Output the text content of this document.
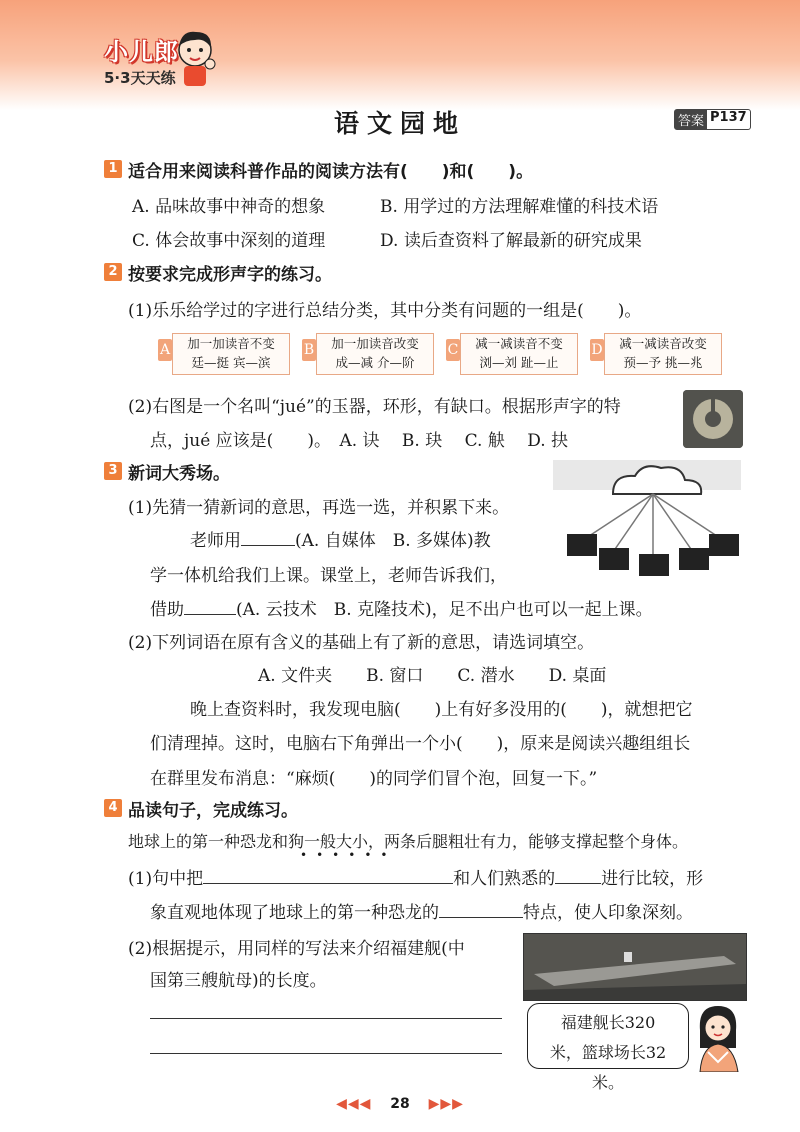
小儿郎
5·3天天练
语文园地	答案 P137
1 适合用来阅读科普作品的阅读方法有(　　)和(　　)。
A. 品味故事中神奇的想象	B. 用学过的方法理解难懂的科技术语
C. 体会故事中深刻的道理	D. 读后查资料了解最新的研究成果
2 按要求完成形声字的练习。
(1)乐乐给学过的字进行总结分类，其中分类有问题的一组是(　　)。
A	加一加读音不变
廷—挺 宾—滨
B	加一加读音改变
成—减 介—阶
C	减一减读音不变
浏—刘 趾—止
D	减一减读音改变
预—予 挑—兆
(2)右图是一个名叫“jué”的玉器，环形，有缺口。根据形声字的特
点，jué 应该是(　　)。　A. 诀　 B. 玦　 C. 觖　 D. 抉
3 新词大秀场。
(1)先猜一猜新词的意思，再选一选，并积累下来。
老师用	(A. 自媒体　B. 多媒体)教
学一体机给我们上课。课堂上，老师告诉我们，
借助	(A. 云技术　B. 克隆技术)，足不出户也可以一起上课。
(2)下列词语在原有含义的基础上有了新的意思，请选词填空。
A. 文件夹　　B. 窗口　　C. 潜水　　D. 桌面
晚上查资料时，我发现电脑(　　)上有好多没用的(　　)，就想把它
们清理掉。这时，电脑右下角弹出一个小(　　)，原来是阅读兴趣组组长
在群里发布消息：“麻烦(　　)的同学们冒个泡，回复一下。”
4 品读句子，完成练习。
地球上的第一种恐龙和狗一般大小，两条后腿粗壮有力，能够支撑起整个身体。
••••••
(1)句中把	和人们熟悉的	进行比较，形
象直观地体现了地球上的第一种恐龙的	特点，使人印象深刻。
(2)根据提示，用同样的写法来介绍福建舰(中
国第三艘航母)的长度。
福建舰长320
米，篮球场长32米。
◀◀◀ 28 ▶▶▶
